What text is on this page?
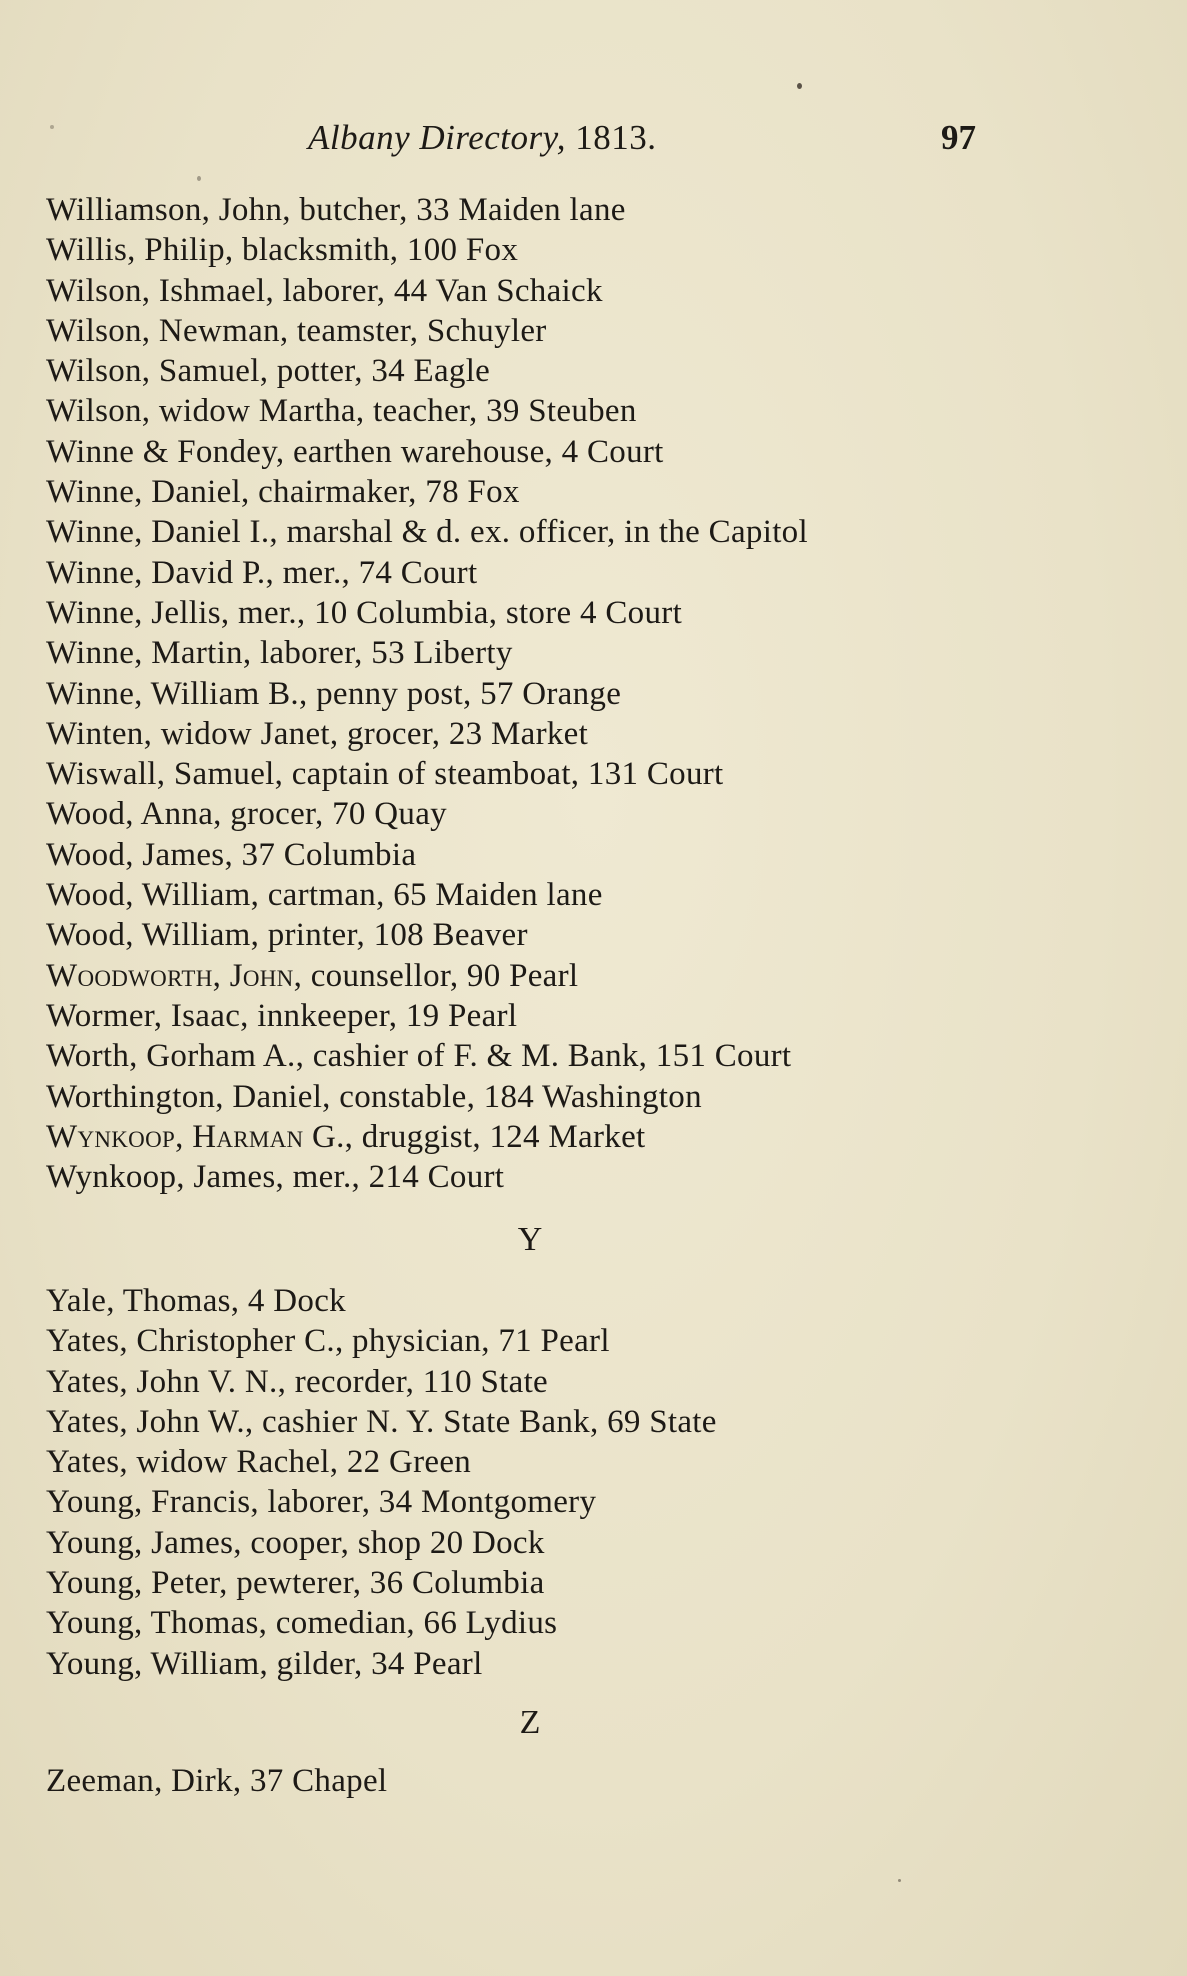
Albany Directory, 1813.	97
Williamson, John, butcher, 33 Maiden lane
Willis, Philip, blacksmith, 100 Fox
Wilson, Ishmael, laborer, 44 Van Schaick
Wilson, Newman, teamster, Schuyler
Wilson, Samuel, potter, 34 Eagle
Wilson, widow Martha, teacher, 39 Steuben
Winne & Fondey, earthen warehouse, 4 Court
Winne, Daniel, chairmaker, 78 Fox
Winne, Daniel I., marshal & d. ex. officer, in the Capitol
Winne, David P., mer., 74 Court
Winne, Jellis, mer., 10 Columbia, store 4 Court
Winne, Martin, laborer, 53 Liberty
Winne, William B., penny post, 57 Orange
Winten, widow Janet, grocer, 23 Market
Wiswall, Samuel, captain of steamboat, 131 Court
Wood, Anna, grocer, 70 Quay
Wood, James, 37 Columbia
Wood, William, cartman, 65 Maiden lane
Wood, William, printer, 108 Beaver
Woodworth, John, counsellor, 90 Pearl
Wormer, Isaac, innkeeper, 19 Pearl
Worth, Gorham A., cashier of F. & M. Bank, 151 Court
Worthington, Daniel, constable, 184 Washington
Wynkoop, Harman G., druggist, 124 Market
Wynkoop, James, mer., 214 Court
Y
Yale, Thomas, 4 Dock
Yates, Christopher C., physician, 71 Pearl
Yates, John V. N., recorder, 110 State
Yates, John W., cashier N. Y. State Bank, 69 State
Yates, widow Rachel, 22 Green
Young, Francis, laborer, 34 Montgomery
Young, James, cooper, shop 20 Dock
Young, Peter, pewterer, 36 Columbia
Young, Thomas, comedian, 66 Lydius
Young, William, gilder, 34 Pearl
Z
Zeeman, Dirk, 37 Chapel
